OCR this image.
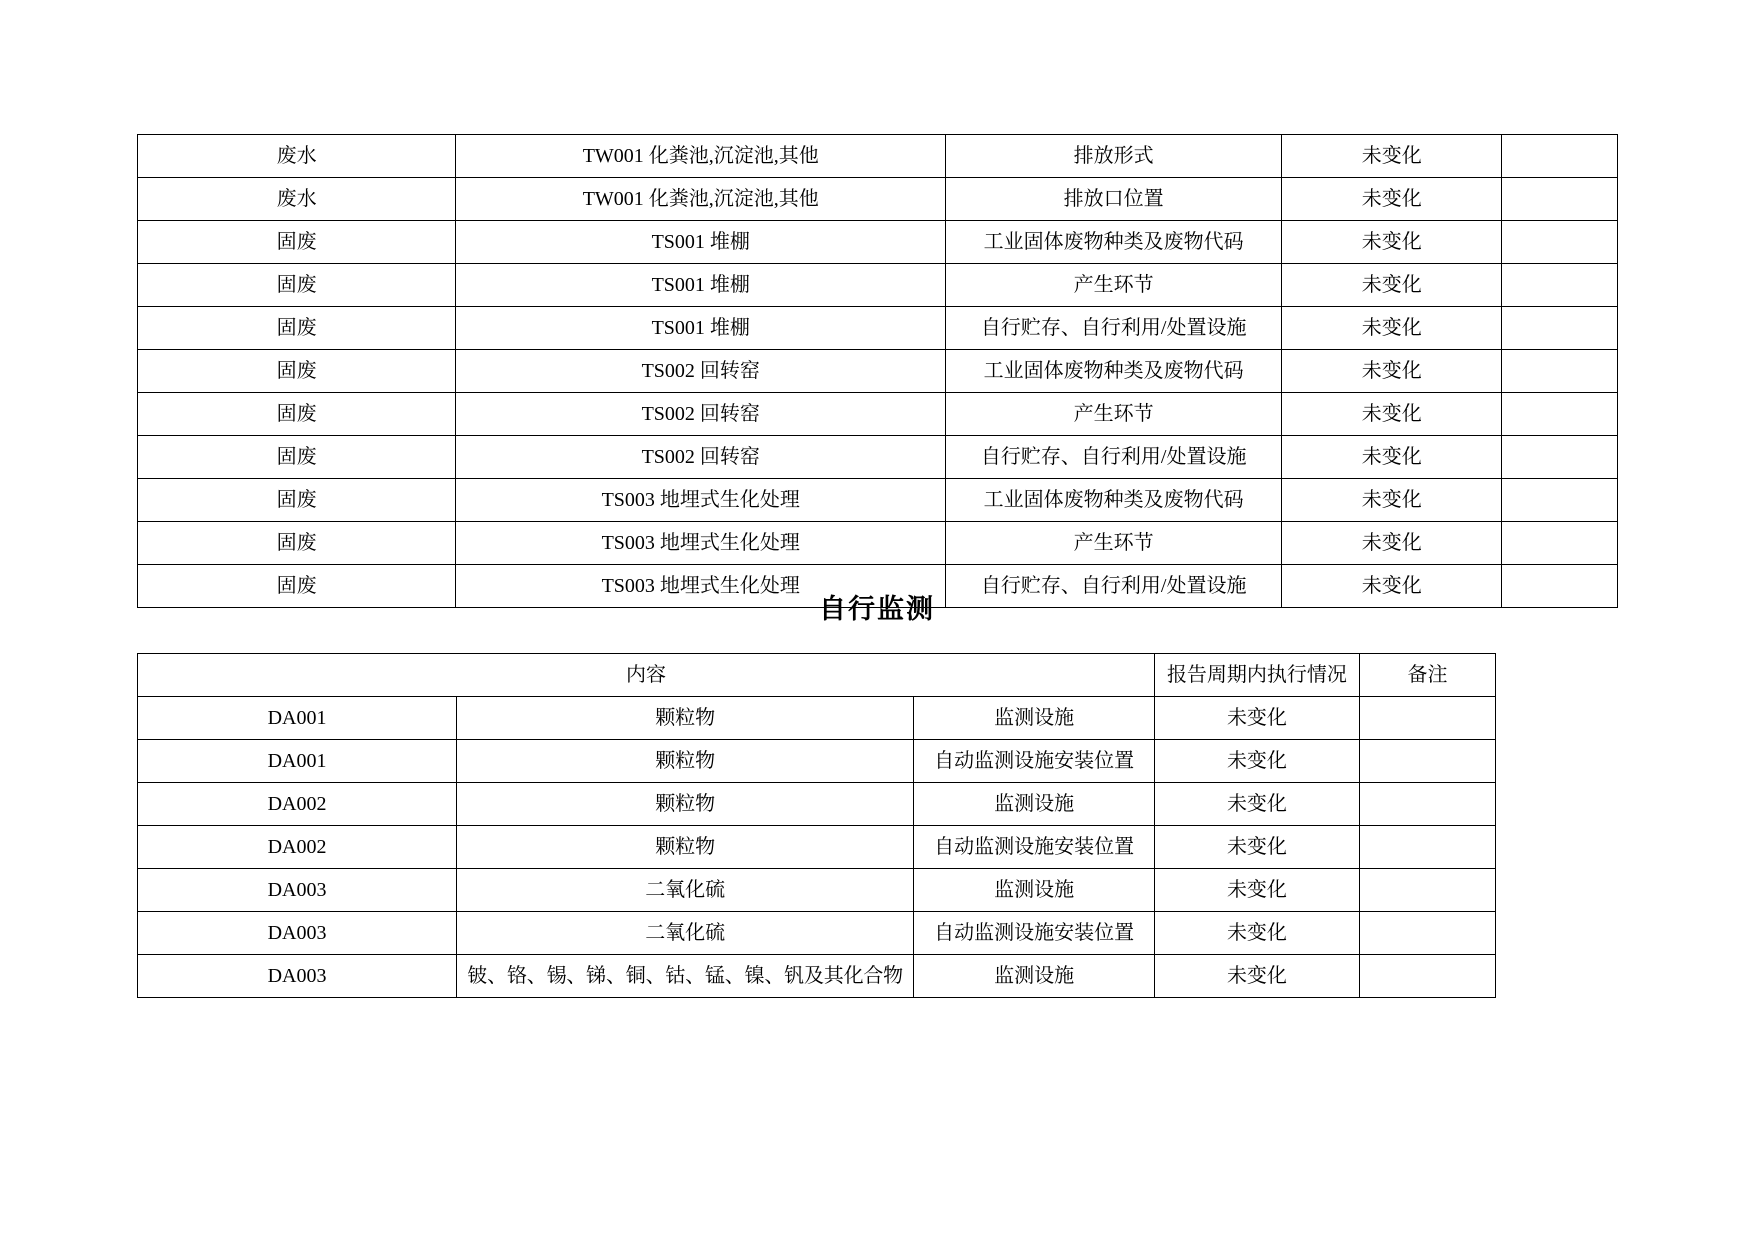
废水	TW001 化粪池,沉淀池,其他	排放形式	未变化	
废水	TW001 化粪池,沉淀池,其他	排放口位置	未变化	
固废	TS001 堆棚	工业固体废物种类及废物代码	未变化	
固废	TS001 堆棚	产生环节	未变化	
固废	TS001 堆棚	自行贮存、自行利用/处置设施	未变化	
固废	TS002 回转窑	工业固体废物种类及废物代码	未变化	
固废	TS002 回转窑	产生环节	未变化	
固废	TS002 回转窑	自行贮存、自行利用/处置设施	未变化	
固废	TS003 地埋式生化处理	工业固体废物种类及废物代码	未变化	
固废	TS003 地埋式生化处理	产生环节	未变化	
固废	TS003 地埋式生化处理	自行贮存、自行利用/处置设施	未变化	
自行监测
内容			报告周期内执行情况	备注
DA001	颗粒物	监测设施	未变化	
DA001	颗粒物	自动监测设施安装位置	未变化	
DA002	颗粒物	监测设施	未变化	
DA002	颗粒物	自动监测设施安装位置	未变化	
DA003	二氧化硫	监测设施	未变化	
DA003	二氧化硫	自动监测设施安装位置	未变化	
DA003	铍、铬、锡、锑、铜、钴、锰、镍、钒及其化合物	监测设施	未变化	
